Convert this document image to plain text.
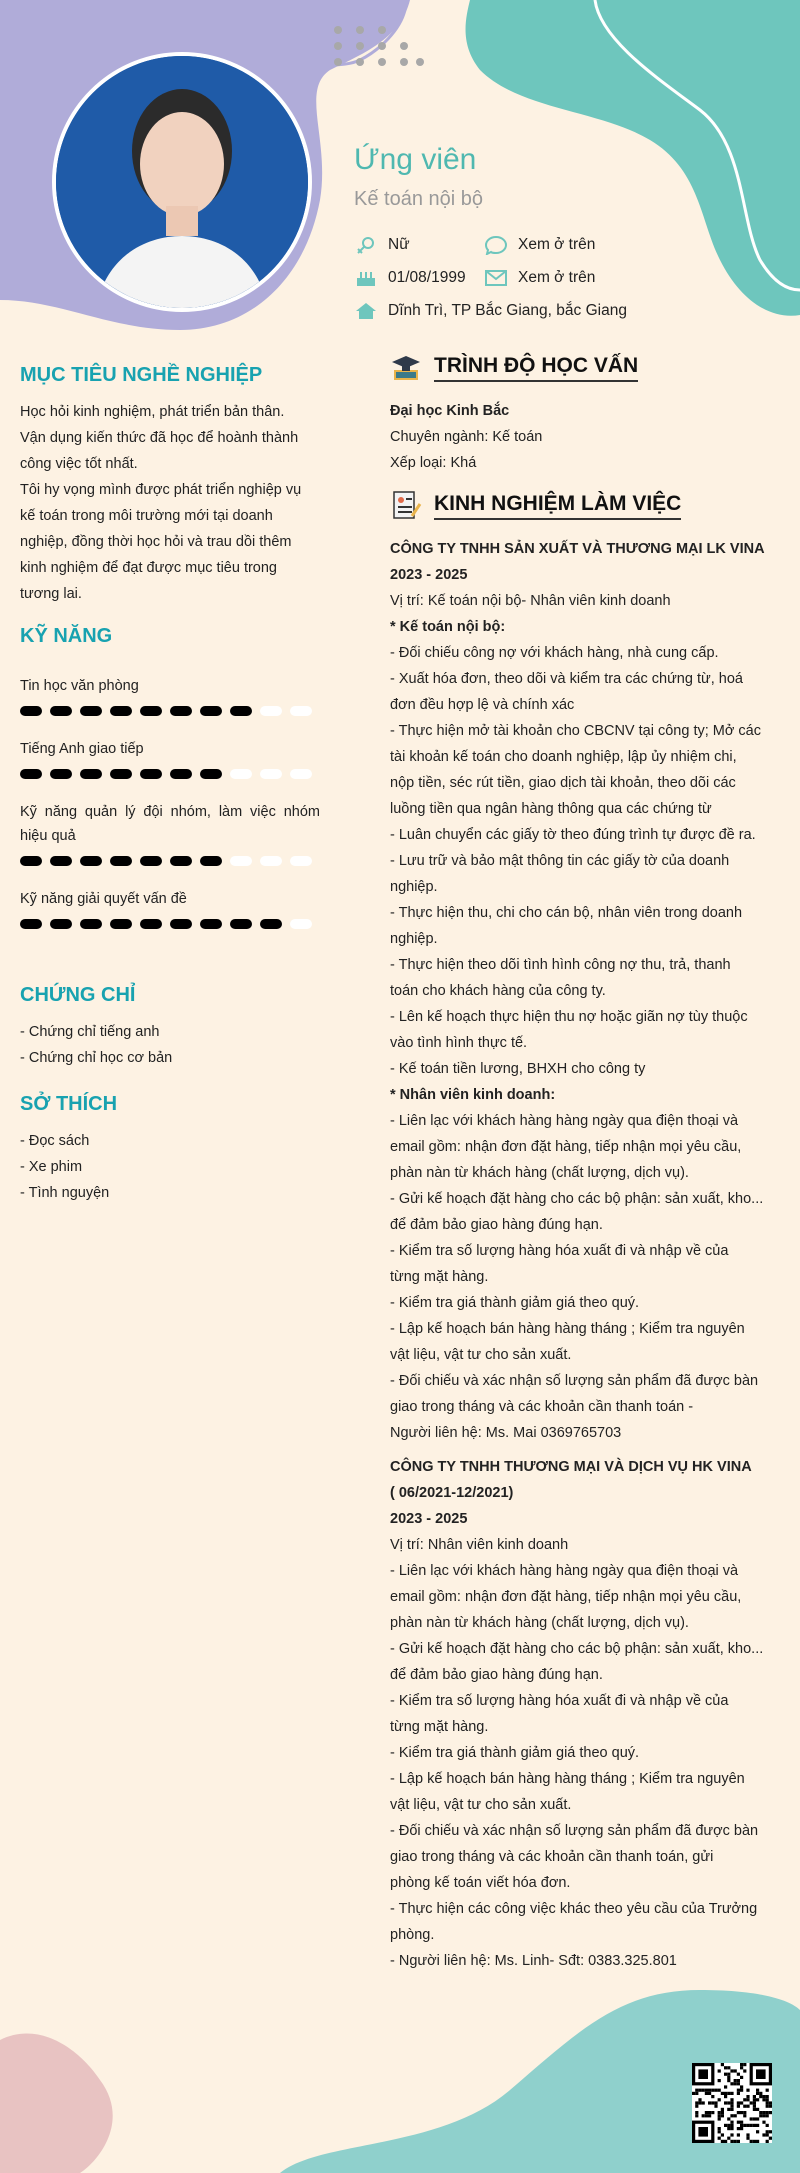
Ứng viên
Kế toán nội bộ
Nữ	Xem ở trên
01/08/1999	Xem ở trên
Dĩnh Trì, TP Bắc Giang, bắc Giang
MỤC TIÊU NGHỀ NGHIỆP
Học hỏi kinh nghiệm, phát triển bản thân.
Vận dụng kiến thức đã học để hoành thành
công việc tốt nhất.
Tôi hy vọng mình được phát triển nghiệp vụ
kế toán trong môi trường mới tại doanh
nghiệp, đồng thời học hỏi và trau dồi thêm
kinh nghiệm để đạt được mục tiêu trong
tương lai.
KỸ NĂNG
Tin học văn phòng
Tiếng Anh giao tiếp
Kỹ năng quản lý đội nhóm, làm việc nhóm hiệu quả
Kỹ năng giải quyết vấn đề
CHỨNG CHỈ
- Chứng chỉ tiếng anh
- Chứng chỉ học cơ bản
SỞ THÍCH
- Đọc sách
- Xe phim
- Tình nguyện
TRÌNH ĐỘ HỌC VẤN
Đại học Kinh Bắc
Chuyên ngành: Kế toán
Xếp loại: Khá
KINH NGHIỆM LÀM VIỆC
CÔNG TY TNHH SẢN XUẤT VÀ THƯƠNG MẠI LK VINA
2023 - 2025
Vị trí: Kế toán nội bộ- Nhân viên kinh doanh
* Kế toán nội bộ:
- Đối chiếu công nợ với khách hàng, nhà cung cấp.
- Xuất hóa đơn, theo dõi và kiểm tra các chứng từ, hoá
đơn đều hợp lệ và chính xác
- Thực hiện mở tài khoản cho CBCNV tại công ty; Mở các
tài khoản kế toán cho doanh nghiệp, lập ủy nhiệm chi,
nộp tiền, séc rút tiền, giao dịch tài khoản, theo dõi các
luồng tiền qua ngân hàng thông qua các chứng từ
- Luân chuyển các giấy tờ theo đúng trình tự được đề ra.
- Lưu trữ và bảo mật thông tin các giấy tờ của doanh
nghiệp.
- Thực hiện thu, chi cho cán bộ, nhân viên trong doanh
nghiệp.
- Thực hiện theo dõi tình hình công nợ thu, trả, thanh
toán cho khách hàng của công ty.
- Lên kế hoạch thực hiện thu nợ hoặc giãn nợ tùy thuộc
vào tình hình thực tế.
- Kế toán tiền lương, BHXH cho công ty
* Nhân viên kinh doanh:
- Liên lạc với khách hàng hàng ngày qua điện thoại và
email gồm: nhận đơn đặt hàng, tiếp nhận mọi yêu cầu,
phàn nàn từ khách hàng (chất lượng, dịch vụ).
- Gửi kế hoạch đặt hàng cho các bộ phận: sản xuất, kho...
để đảm bảo giao hàng đúng hạn.
- Kiểm tra số lượng hàng hóa xuất đi và nhập về của
từng mặt hàng.
- Kiểm tra giá thành giảm giá theo quý.
- Lập kế hoạch bán hàng hàng tháng ; Kiểm tra nguyên
vật liệu, vật tư cho sản xuất.
- Đối chiếu và xác nhận số lượng sản phẩm đã được bàn
giao trong tháng và các khoản cần thanh toán -
Người liên hệ: Ms. Mai 0369765703
CÔNG TY TNHH THƯƠNG MẠI VÀ DỊCH VỤ HK VINA
( 06/2021-12/2021)
2023 - 2025
Vị trí: Nhân viên kinh doanh
- Liên lạc với khách hàng hàng ngày qua điện thoại và
email gồm: nhận đơn đặt hàng, tiếp nhận mọi yêu cầu,
phàn nàn từ khách hàng (chất lượng, dịch vụ).
- Gửi kế hoạch đặt hàng cho các bộ phận: sản xuất, kho...
để đảm bảo giao hàng đúng hạn.
- Kiểm tra số lượng hàng hóa xuất đi và nhập về của
từng mặt hàng.
- Kiểm tra giá thành giảm giá theo quý.
- Lập kế hoạch bán hàng hàng tháng ; Kiểm tra nguyên
vật liệu, vật tư cho sản xuất.
- Đối chiếu và xác nhận số lượng sản phẩm đã được bàn
giao trong tháng và các khoản cần thanh toán, gửi
phòng kế toán viết hóa đơn.
- Thực hiện các công việc khác theo yêu cầu của Trưởng
phòng.
- Người liên hệ: Ms. Linh- Sđt: 0383.325.801
